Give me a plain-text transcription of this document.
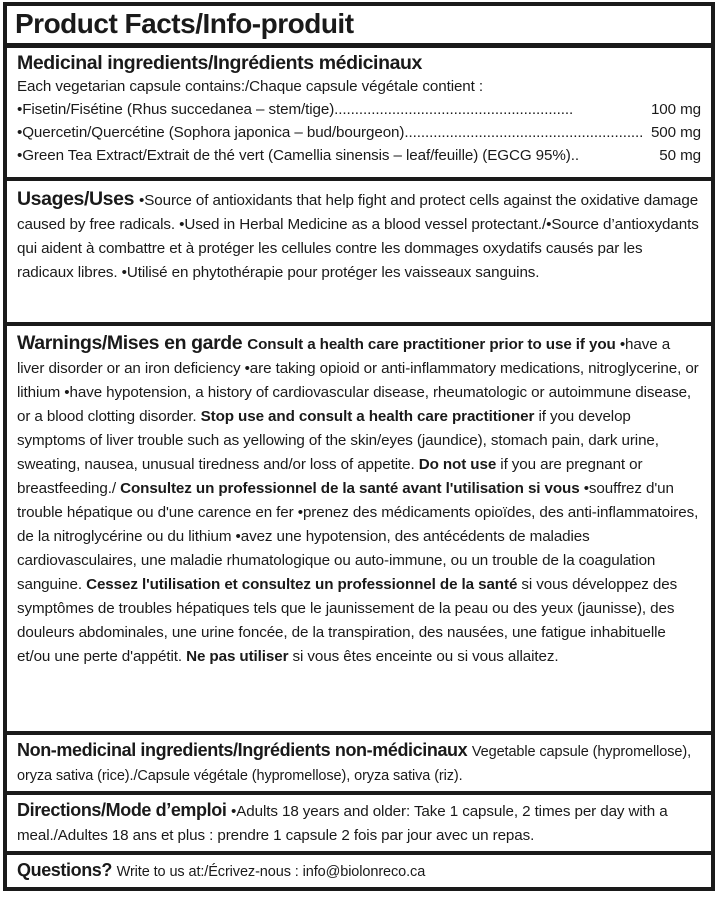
Product Facts/Info-produit
Medicinal ingredients/Ingrédients médicinaux
Each vegetarian capsule contains:/Chaque capsule végétale contient :
•Fisetin/Fisétine (Rhus succedanea – stem/tige) ..........................................................	100 mg
•Quercetin/Quercétine (Sophora japonica – bud/bourgeon) .......................................................... 500 mg
•Green Tea Extract/Extrait de thé vert (Camellia sinensis – leaf/feuille) (EGCG 95%) ..	50 mg
Usages/Uses •Source of antioxidants that help fight and protect cells against the oxidative damage caused by free radicals. •Used in Herbal Medicine as a blood vessel protectant./•Source d’antioxydants qui aident à combattre et à protéger les cellules contre les dommages oxydatifs causés par les radicaux libres. •Utilisé en phytothérapie pour protéger les vaisseaux sanguins.
Warnings/Mises en garde Consult a health care practitioner prior to use if you •have a liver disorder or an iron deficiency •are taking opioid or anti-inflammatory medications, nitroglycerine, or lithium •have hypotension, a history of cardiovascular disease, rheumatologic or autoimmune disease, or a blood clotting disorder. Stop use and consult a health care practitioner if you develop symptoms of liver trouble such as yellowing of the skin/eyes (jaundice), stomach pain, dark urine, sweating, nausea, unusual tiredness and/or loss of appetite. Do not use if you are pregnant or breastfeeding./ Consultez un professionnel de la santé avant l'utilisation si vous •souffrez d'un trouble hépatique ou d'une carence en fer •prenez des médicaments opioïdes, des anti-inflammatoires, de la nitroglycérine ou du lithium •avez une hypotension, des antécédents de maladies cardiovasculaires, une maladie rhumatologique ou auto-immune, ou un trouble de la coagulation sanguine. Cessez l'utilisation et consultez un professionnel de la santé si vous développez des symptômes de troubles hépatiques tels que le jaunissement de la peau ou des yeux (jaunisse), des douleurs abdominales, une urine foncée, de la transpiration, des nausées, une fatigue inhabituelle et/ou une perte d'appétit. Ne pas utiliser si vous êtes enceinte ou si vous allaitez.
Non-medicinal ingredients/Ingrédients non-médicinaux Vegetable capsule (hypromellose), oryza sativa (rice)./Capsule végétale (hypromellose), oryza sativa (riz).
Directions/Mode d’emploi •Adults 18 years and older: Take 1 capsule, 2 times per day with a meal./Adultes 18 ans et plus : prendre 1 capsule 2 fois par jour avec un repas.
Questions? Write to us at:/Écrivez-nous : info@biolonreco.ca
